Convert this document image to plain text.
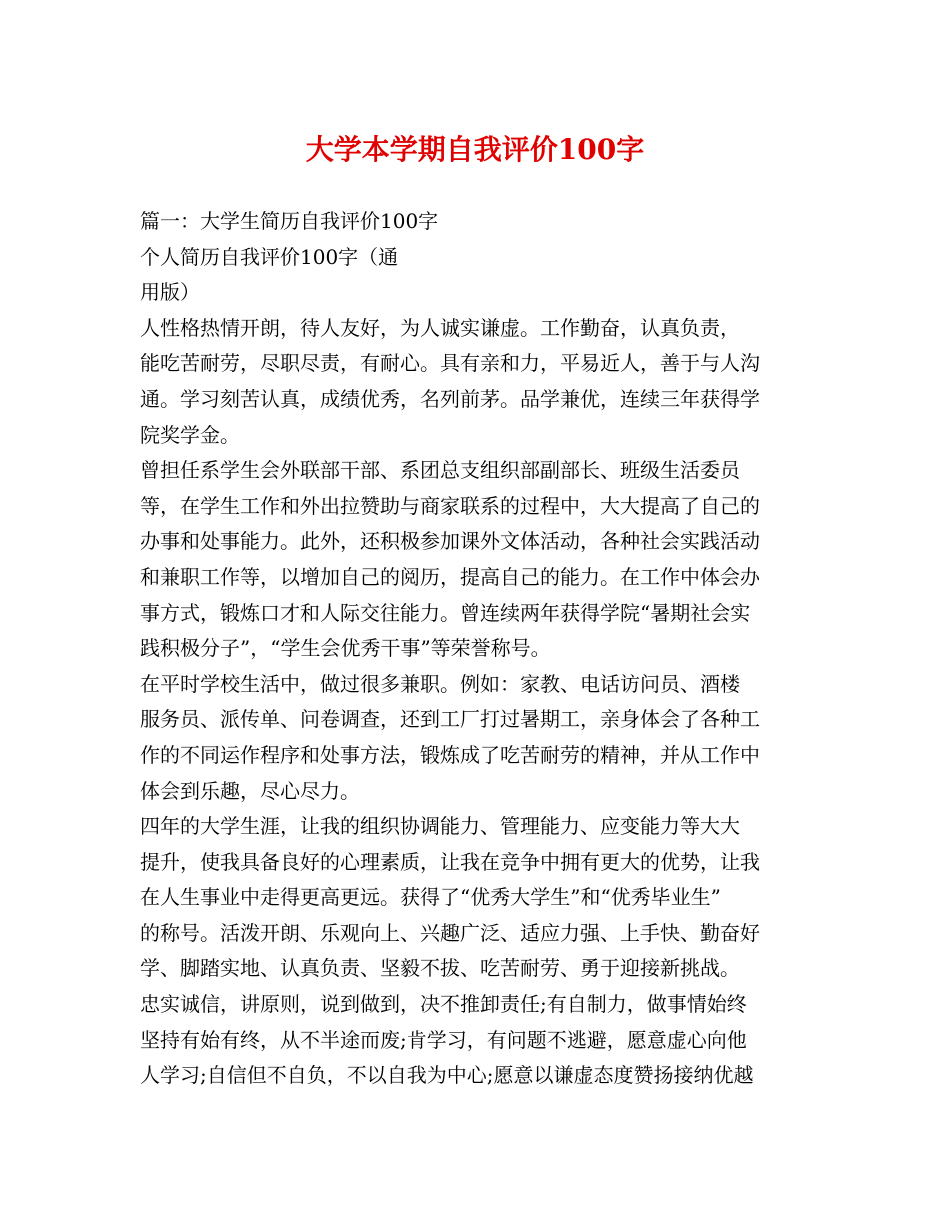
大学本学期自我评价100字
篇一：大学生简历自我评价100字
个人简历自我评价100字（通
用版）
人性格热情开朗，待人友好，为人诚实谦虚。工作勤奋，认真负责，
能吃苦耐劳，尽职尽责，有耐心。具有亲和力，平易近人，善于与人沟
通。学习刻苦认真，成绩优秀，名列前茅。品学兼优，连续三年获得学
院奖学金。
曾担任系学生会外联部干部、系团总支组织部副部长、班级生活委员
等，在学生工作和外出拉赞助与商家联系的过程中，大大提高了自己的
办事和处事能力。此外，还积极参加课外文体活动，各种社会实践活动
和兼职工作等，以增加自己的阅历，提高自己的能力。在工作中体会办
事方式，锻炼口才和人际交往能力。曾连续两年获得学院“暑期社会实
践积极分子”，“学生会优秀干事”等荣誉称号。
在平时学校生活中，做过很多兼职。例如：家教、电话访问员、酒楼
服务员、派传单、问卷调查，还到工厂打过暑期工，亲身体会了各种工
作的不同运作程序和处事方法，锻炼成了吃苦耐劳的精神，并从工作中
体会到乐趣，尽心尽力。
四年的大学生涯，让我的组织协调能力、管理能力、应变能力等大大
提升，使我具备良好的心理素质，让我在竞争中拥有更大的优势，让我
在人生事业中走得更高更远。获得了“优秀大学生”和“优秀毕业生”
的称号。活泼开朗、乐观向上、兴趣广泛、适应力强、上手快、勤奋好
学、脚踏实地、认真负责、坚毅不拔、吃苦耐劳、勇于迎接新挑战。
忠实诚信，讲原则，说到做到，决不推卸责任;有自制力，做事情始终
坚持有始有终，从不半途而废;肯学习，有问题不逃避，愿意虚心向他
人学习;自信但不自负，不以自我为中心;愿意以谦虚态度赞扬接纳优越
